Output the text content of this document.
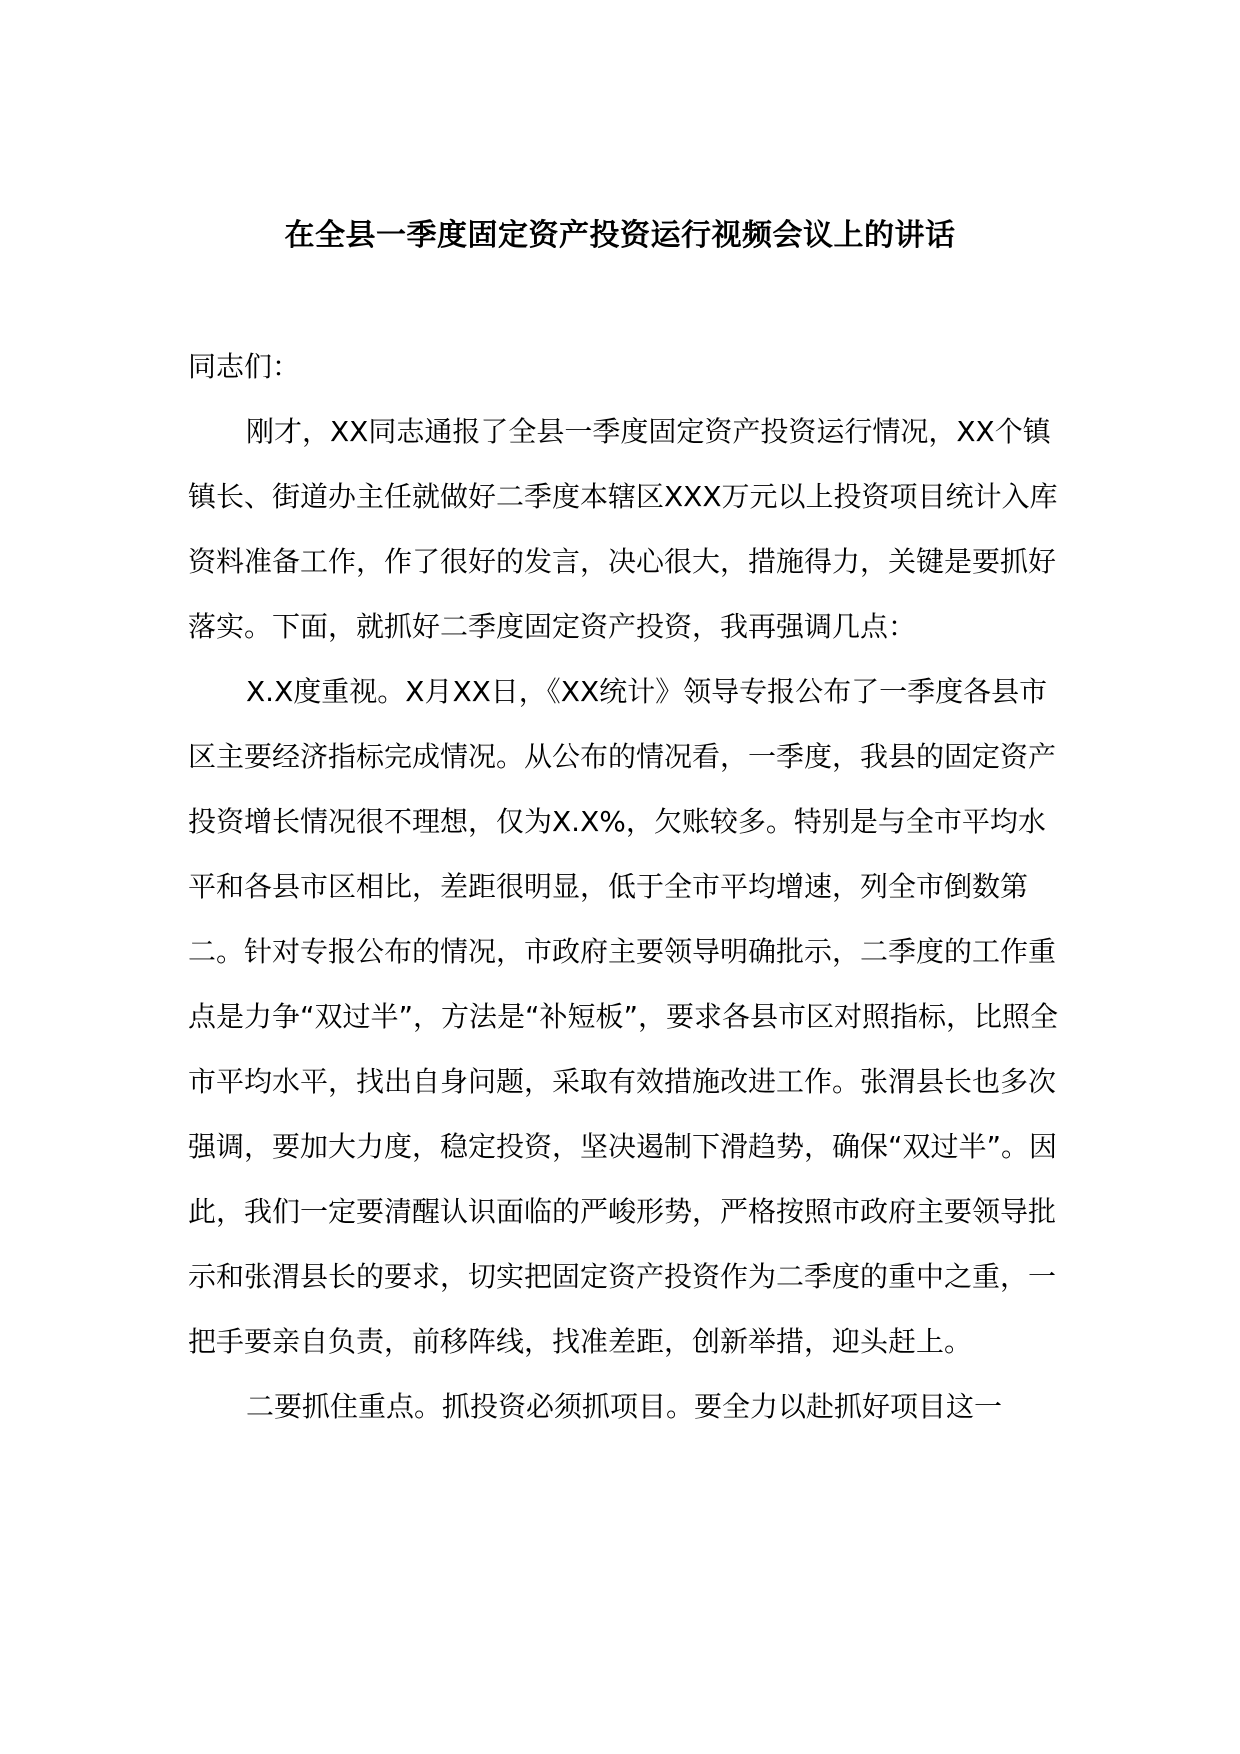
在全县一季度固定资产投资运行视频会议上的讲话

同志们：

刚才，XX同志通报了全县一季度固定资产投资运行情况，XX个镇镇长、街道办主任就做好二季度本辖区XXX万元以上投资项目统计入库资料准备工作，作了很好的发言，决心很大，措施得力，关键是要抓好落实。下面，就抓好二季度固定资产投资，我再强调几点：

X.X度重视。X月XX日，《XX统计》领导专报公布了一季度各县市区主要经济指标完成情况。从公布的情况看，一季度，我县的固定资产投资增长情况很不理想，仅为X.X%，欠账较多。特别是与全市平均水平和各县市区相比，差距很明显，低于全市平均增速，列全市倒数第二。针对专报公布的情况，市政府主要领导明确批示，二季度的工作重点是力争“双过半”，方法是“补短板”，要求各县市区对照指标，比照全市平均水平，找出自身问题，采取有效措施改进工作。张渭县长也多次强调，要加大力度，稳定投资，坚决遏制下滑趋势，确保“双过半”。因此，我们一定要清醒认识面临的严峻形势，严格按照市政府主要领导批示和张渭县长的要求，切实把固定资产投资作为二季度的重中之重，一把手要亲自负责，前移阵线，找准差距，创新举措，迎头赶上。

二要抓住重点。抓投资必须抓项目。要全力以赴抓好项目这一
